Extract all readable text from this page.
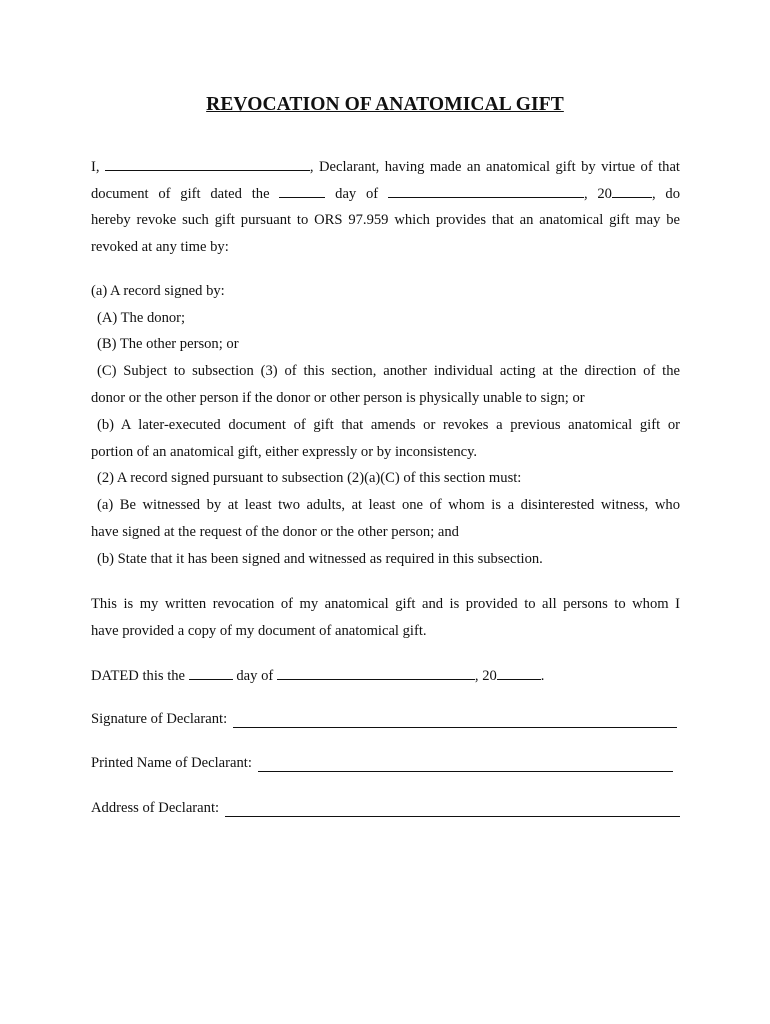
REVOCATION OF ANATOMICAL GIFT
I,	, Declarant, having made an anatomical gift by virtue of that
document of gift dated the	day of	, 20	, do
hereby revoke such gift pursuant to ORS 97.959 which provides that an anatomical gift may be
revoked at any time by:
(a) A record signed by:
(A) The donor;
(B) The other person; or
(C) Subject to subsection (3) of this section, another individual acting at the direction of the
donor or the other person if the donor or other person is physically unable to sign; or
(b) A later-executed document of gift that amends or revokes a previous anatomical gift or
portion of an anatomical gift, either expressly or by inconsistency.
(2) A record signed pursuant to subsection (2)(a)(C) of this section must:
(a) Be witnessed by at least two adults, at least one of whom is a disinterested witness, who
have signed at the request of the donor or the other person; and
(b) State that it has been signed and witnessed as required in this subsection.
This is my written revocation of my anatomical gift and is provided to all persons to whom I
have provided a copy of my document of anatomical gift.
DATED this the	day of	, 20	.
Signature of Declarant:
Printed Name of Declarant:
Address of Declarant:
